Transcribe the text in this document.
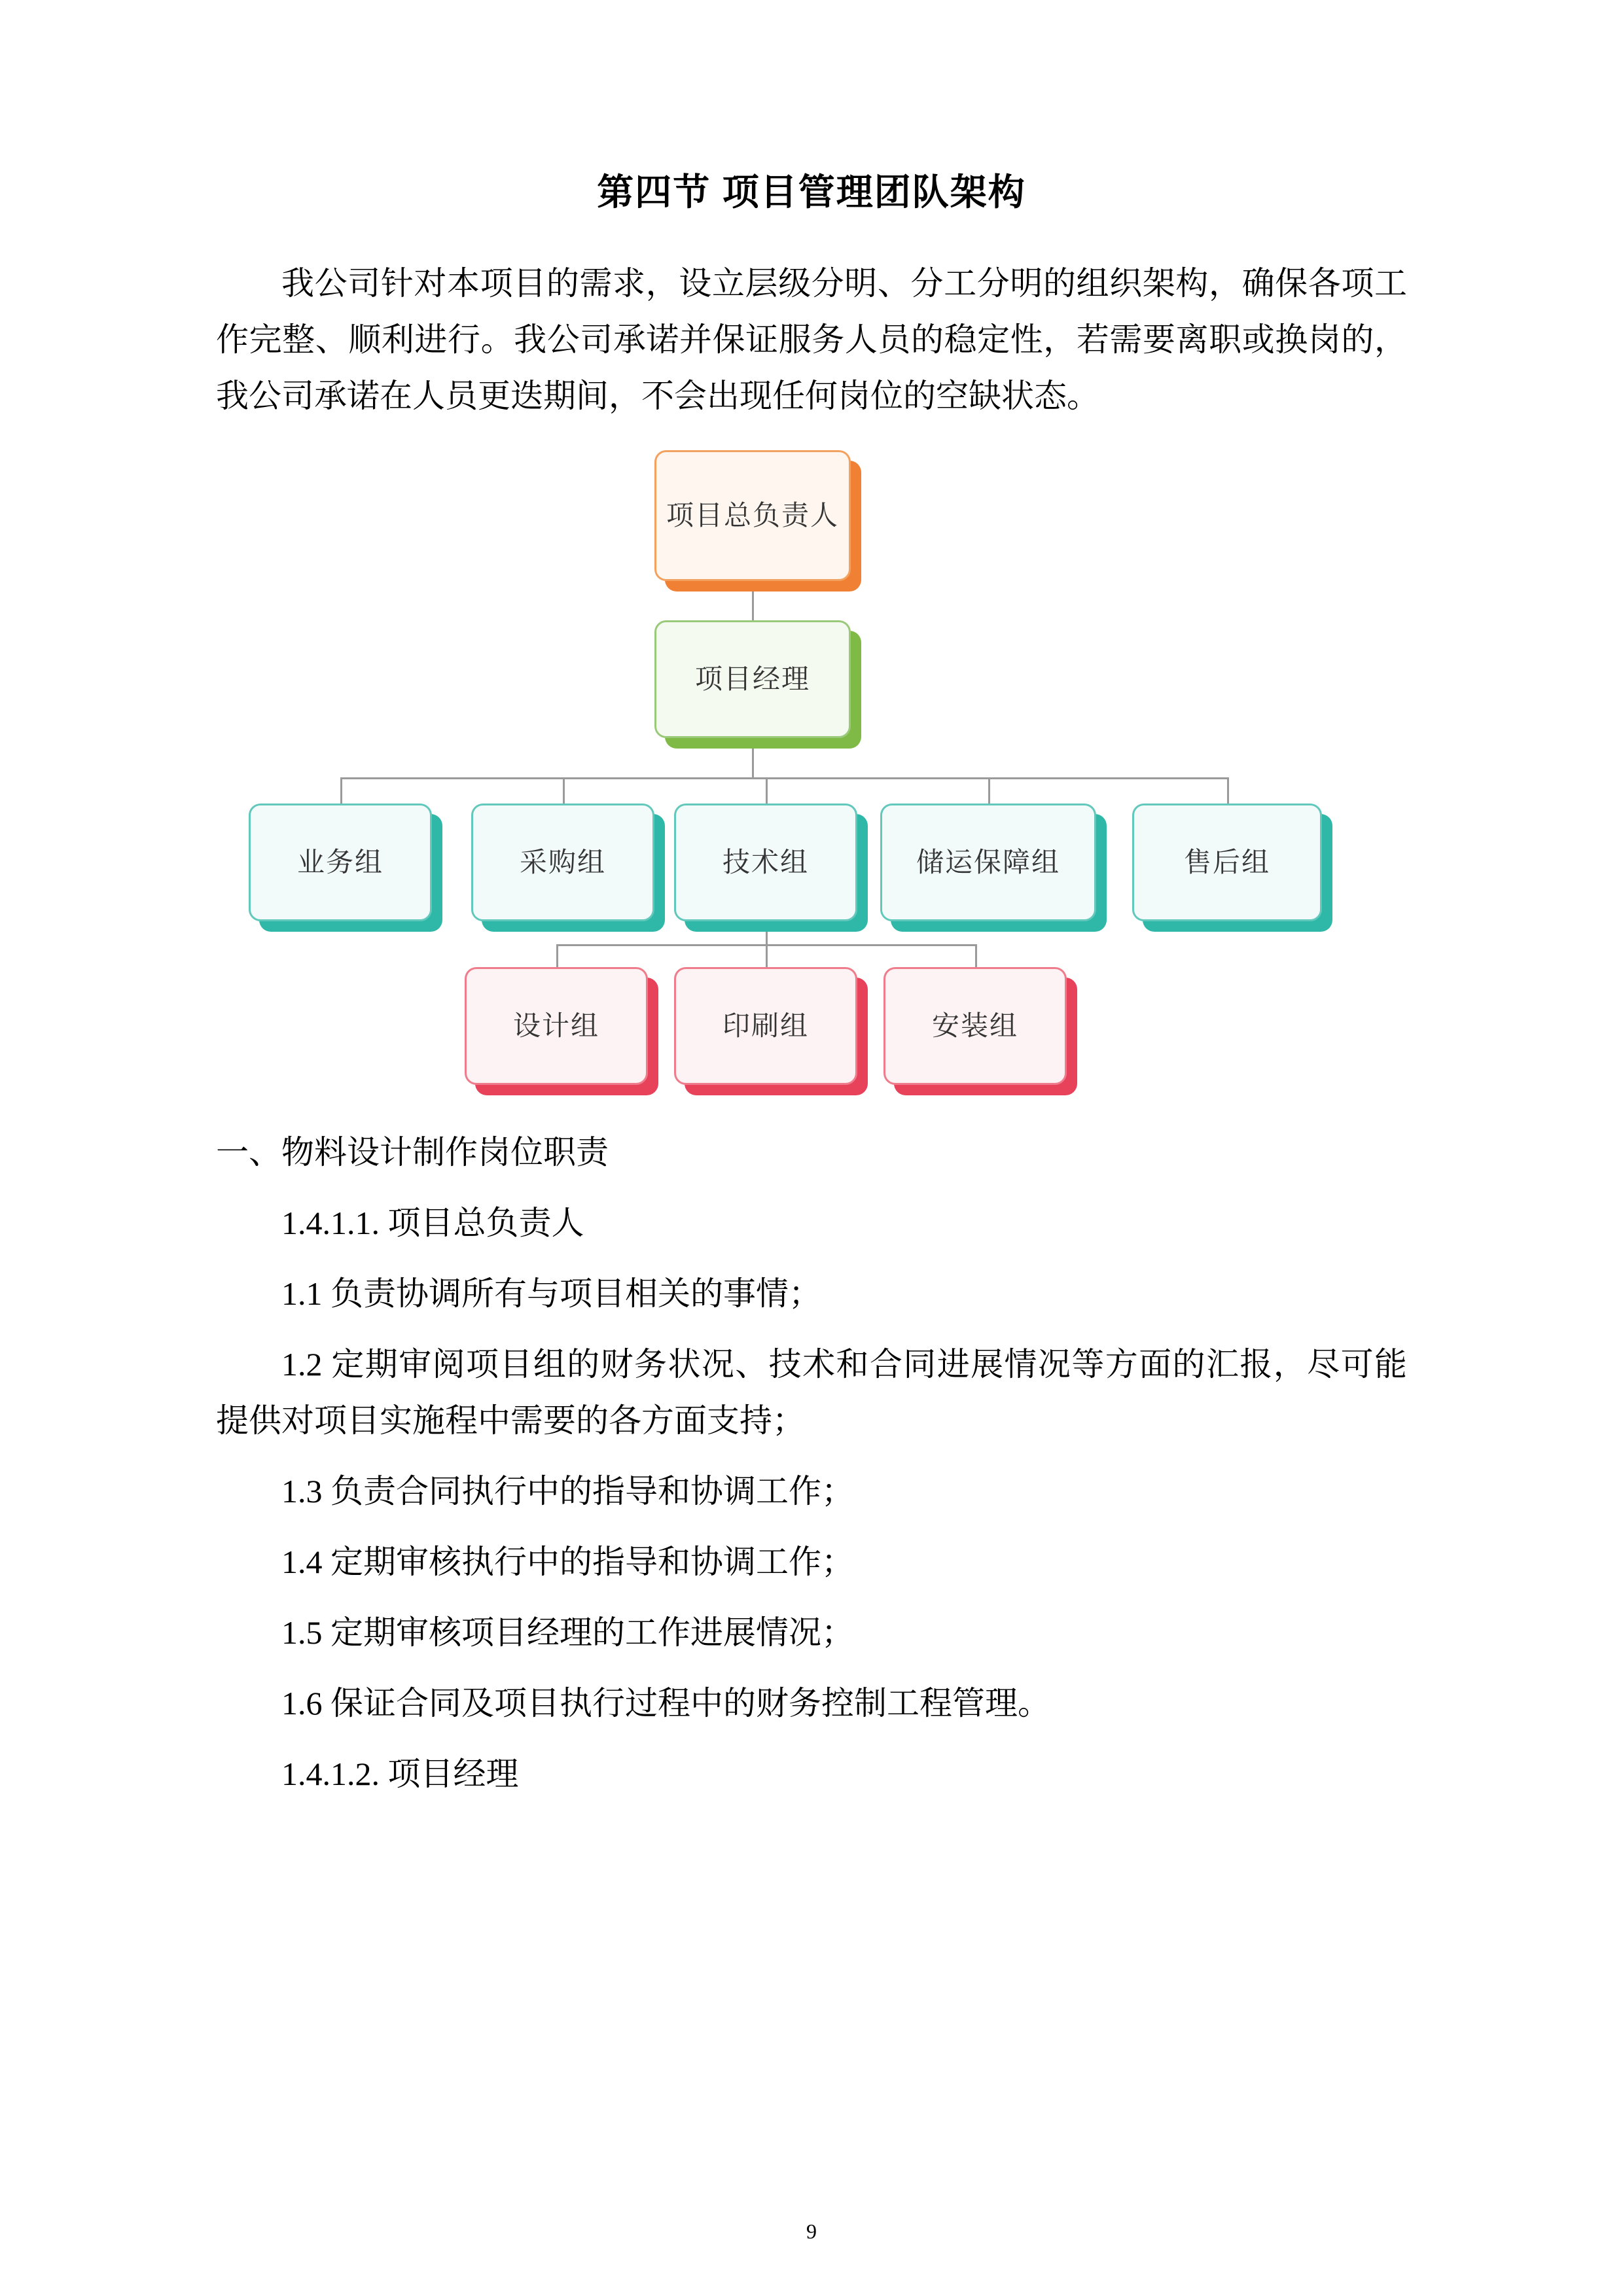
第四节 项目管理团队架构

我公司针对本项目的需求，设立层级分明、分工分明的组织架构，确保各项工作完整、顺利进行。我公司承诺并保证服务人员的稳定性，若需要离职或换岗的，我公司承诺在人员更迭期间，不会出现任何岗位的空缺状态。

项目总负责人
项目经理
业务组	采购组	技术组	储运保障组	售后组
设计组	印刷组	安装组

一、物料设计制作岗位职责

1.4.1.1. 项目总负责人

1.1 负责协调所有与项目相关的事情；

1.2 定期审阅项目组的财务状况、技术和合同进展情况等方面的汇报，尽可能提供对项目实施程中需要的各方面支持；

1.3 负责合同执行中的指导和协调工作；

1.4 定期审核执行中的指导和协调工作；

1.5 定期审核项目经理的工作进展情况；

1.6 保证合同及项目执行过程中的财务控制工程管理。

1.4.1.2. 项目经理

9
